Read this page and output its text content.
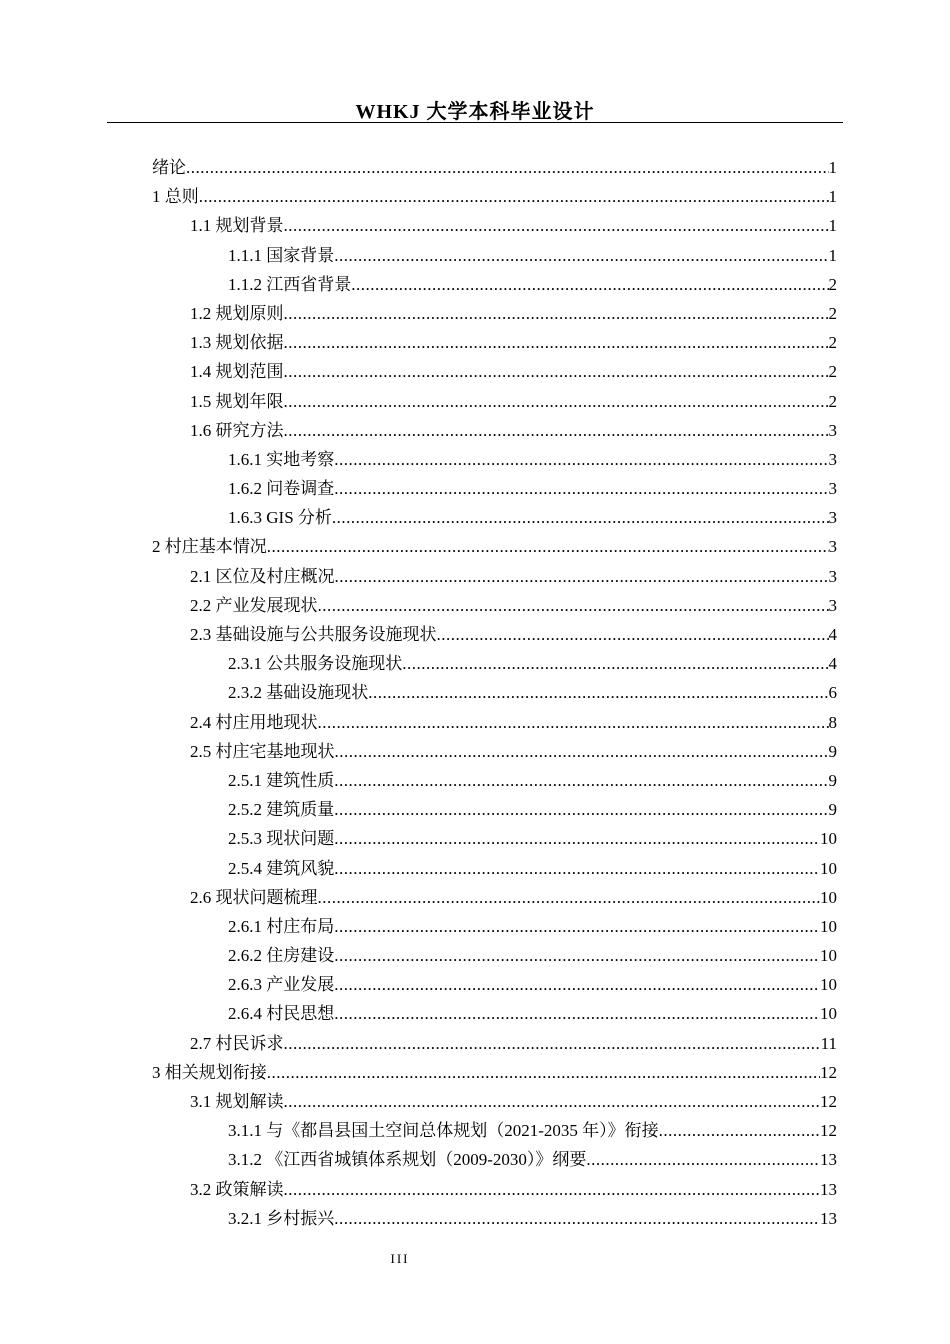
WHKJ 大学本科毕业设计
绪论 .....	1
1 总则 .....	1
1.1 规划背景 .....	1
1.1.1 国家背景 .....	1
1.1.2 江西省背景 .....	2
1.2 规划原则 .....	2
1.3 规划依据 .....	2
1.4 规划范围 .....	2
1.5 规划年限 .....	2
1.6 研究方法 .....	3
1.6.1 实地考察 .....	3
1.6.2 问卷调查 .....	3
1.6.3 GIS 分析 .....	3
2 村庄基本情况 .....	3
2.1 区位及村庄概况 .....	3
2.2 产业发展现状 .....	3
2.3 基础设施与公共服务设施现状 .....	4
2.3.1 公共服务设施现状 .....	4
2.3.2 基础设施现状 .....	6
2.4 村庄用地现状 .....	8
2.5 村庄宅基地现状 .....	9
2.5.1 建筑性质 .....	9
2.5.2 建筑质量 .....	9
2.5.3 现状问题 .....	10
2.5.4 建筑风貌 .....	10
2.6 现状问题梳理 .....	10
2.6.1 村庄布局 .....	10
2.6.2 住房建设 .....	10
2.6.3 产业发展 .....	10
2.6.4 村民思想 .....	10
2.7 村民诉求 .....	11
3 相关规划衔接 .....	12
3.1 规划解读 .....	12
3.1.1 与《都昌县国土空间总体规划（2021-2035 年）》衔接 .....	12
3.1.2 《江西省城镇体系规划（2009-2030）》纲要 .....	13
3.2 政策解读 .....	13
3.2.1 乡村振兴 .....	13
III
